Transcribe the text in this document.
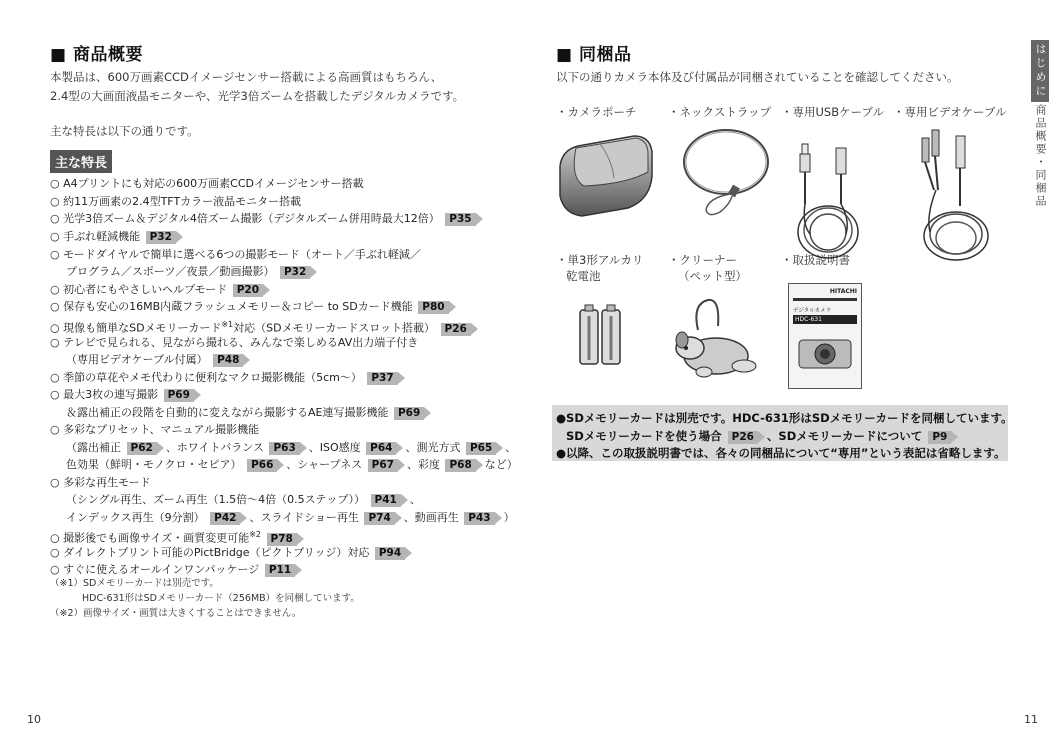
■ 商品概要
本製品は、600万画素CCDイメージセンサー搭載による高画質はもちろん、
2.4型の大画面液晶モニターや、光学3倍ズームを搭載したデジタルカメラです。
主な特長は以下の通りです。
主な特長
○ A4プリントにも対応の600万画素CCDイメージセンサー搭載
○ 約11万画素の2.4型TFTカラー液晶モニター搭載
○ 光学3倍ズーム＆デジタル4倍ズーム撮影（デジタルズーム併用時最大12倍） P35
○ 手ぶれ軽減機能 P32
○ モードダイヤルで簡単に選べる6つの撮影モード（オート／手ぶれ軽減／
プログラム／スポーツ／夜景／動画撮影） P32
○ 初心者にもやさしいヘルプモード P20
○ 保存も安心の16MB内蔵フラッシュメモリー＆コピー to SDカード機能 P80
○ 現像も簡単なSDメモリーカード$^{※1}$対応（SDメモリーカードスロット搭載） P26
○ テレビで見られる、見ながら撮れる、みんなで楽しめるAV出力端子付き
（専用ビデオケーブル付属） P48
○ 季節の草花やメモ代わりに便利なマクロ撮影機能（5cm～） P37
○ 最大3枚の連写撮影 P69
＆露出補正の段階を自動的に変えながら撮影するAE連写撮影機能 P69
○ 多彩なプリセット、マニュアル撮影機能
（露出補正 P62 、ホワイトバランス P63 、ISO感度 P64 、測光方式 P65 、
色効果（鮮明・モノクロ・セピア） P66 、シャープネス P67 、彩度 P68 など）
○ 多彩な再生モード
（シングル再生、ズーム再生（1.5倍～4倍（0.5ステップ）） P41 、
インデックス再生（9分割） P42 、スライドショー再生 P74 、動画再生 P43 ）
○ 撮影後でも画像サイズ・画質変更可能$^{※2}$ P78
○ ダイレクトプリント可能のPictBridge（ピクトブリッジ）対応 P94
○ すぐに使えるオールインワンパッケージ P11
（※1）SDメモリーカードは別売です。
HDC-631形はSDメモリーカード（256MB）を同梱しています。
（※2）画像サイズ・画質は大きくすることはできません。
10
■ 同梱品
以下の通りカメラ本体及び付属品が同梱されていることを確認してください。
・カメラポーチ	・ネックストラップ ・専用USBケーブル ・専用ビデオケーブル
・単3形アルカリ
乾電池
・クリーナー
（ペット型）
・取扱説明書
HITACHI
デジタルカメラ
HDC-631
●SDメモリーカードは別売です。HDC-631形はSDメモリーカードを同梱しています。
SDメモリーカードを使う場合 P26 、SDメモリーカードについて P9
●以降、この取扱説明書では、各々の同梱品について“専用”という表記は省略します。
はじめに
商品概要・同梱品
11
